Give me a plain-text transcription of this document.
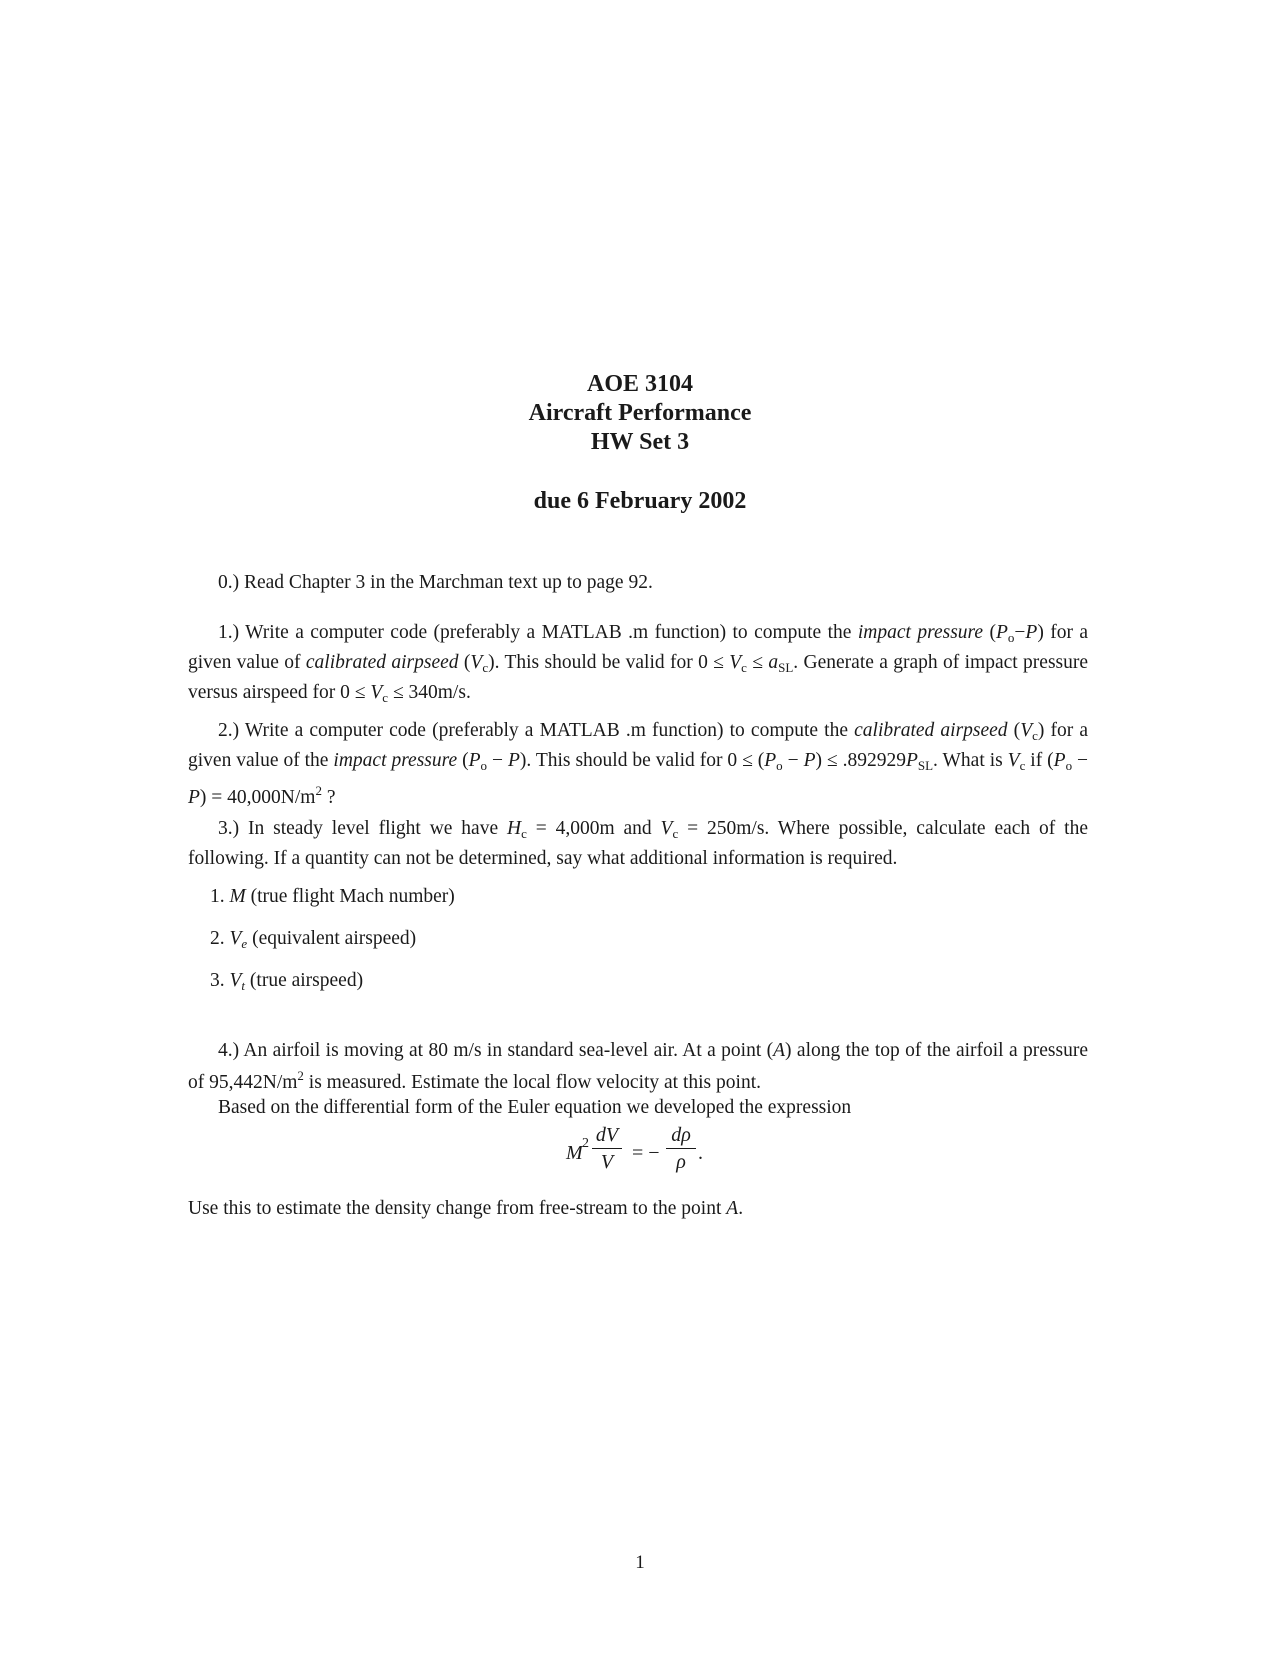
AOE 3104
Aircraft Performance
HW Set 3
due 6 February 2002
0.) Read Chapter 3 in the Marchman text up to page 92.

1.) Write a computer code (preferably a MATLAB .m function) to compute the impact pressure $(P_o-P)$ for a given value of calibrated airpseed $(V_c)$. This should be valid for $0 \le V_c \le a_{SL}$. Generate a graph of impact pressure versus airspeed for $0 \le V_c \le 340m/s$.

2.) Write a computer code (preferably a MATLAB .m function) to compute the calibrated airpseed $(V_c)$ for a given value of the impact pressure $(P_o - P)$. This should be valid for $0 \le (P_o - P) \le .892929P_{SL}$. What is $V_c$ if $(P_o - P) = 40,000N/m^2$ ?

3.) In steady level flight we have $H_c = 4,000m$ and $V_c = 250m/s$. Where possible, calculate each of the following. If a quantity can not be determined, say what additional information is required.

1. M (true flight Mach number)
2. $V_e$ (equivalent airspeed)
3. $V_t$ (true airspeed)

4.) An airfoil is moving at 80 m/s in standard sea-level air. At a point (A) along the top of the airfoil a pressure of $95,442N/m^2$ is measured. Estimate the local flow velocity at this point.

Based on the differential form of the Euler equation we developed the expression

M 2 dV
V = −
dρ
ρ .
Use this to estimate the density change from free-stream to the point A.
1
